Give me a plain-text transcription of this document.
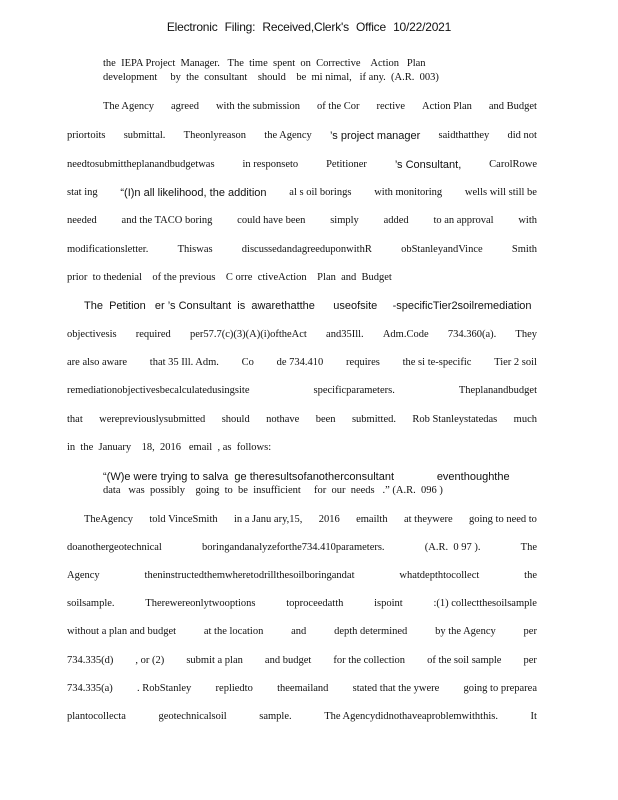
Electronic Filing: Received,Clerk's Office 10/22/2021
the  IEPA Project  Manager.   The  time  spent  on  Corrective    Action   Plan
development     by  the  consultant    should    be  mi nimal,   if any.  (A.R.  003)
The Agency agreed with the submission of the Cor rective Action Plan and Budget
priortoits submittal. Theonlyreason the Agency ’s project manager saidthatthey did not
needtosubmittheplanandbudgetwas	in responseto	Petitioner	’s Consultant,	CarolRowe
stat ing “(I)n all likelihood, the addition al s oil borings with monitoring wells will still be
needed and the TACO boring could have been simply added to an approval with
modificationsletter.	Thiswas	discussedandagreeduponwithR	obStanleyandVince	Smith
prior  to thedenial    of the previous    C orre  ctiveAction    Plan  and  Budget
The  Petition   er ’s Consultant  is  awarethatthe      useofsite     -specificTier2soilremediation
objectivesis required per57.7(c)(3)(A)(i)oftheAct and35Ill. Adm.Code 734.360(a). They
are also aware that 35 Ill. Adm. Co de 734.410 requires the si te-specific Tier 2 soil
remediationobjectivesbecalculatedusingsite	specificparameters.	Theplanandbudget
that werepreviouslysubmitted should nothave been submitted. Rob Stanleystatedas much
in  the  January    18,  2016   email  , as  follows:
“(W)e were trying to salva  ge theresultsofanotherconsultant              eventhoughthe
data   was  possibly    going  to  be  insufficient     for  our  needs   .” (A.R.  096 )
TheAgency told VinceSmith in a Janu ary,15, 2016 emailth at theywere going to need to
doanothergeotechnical	boringandanalyzeforthe734.410parameters.	(A.R.  0 97 ).	The
Agency	theninstructedthemwheretodrillthesoilboringandat	whatdepthtocollect	the
soilsample.	Therewereonlytwooptions	toproceedatth	ispoint	:(1) collectthesoilsample
without a plan and budget	at the location	and	depth determined	by the Agency	per
734.335(d) , or (2) submit a plan and budget for the collection of the soil sample per
734.335(a) . RobStanley repliedto theemailand stated that the ywere going to preparea
plantocollecta	geotechnicalsoil	sample.	The Agencydidnothaveaproblemwiththis.	It
